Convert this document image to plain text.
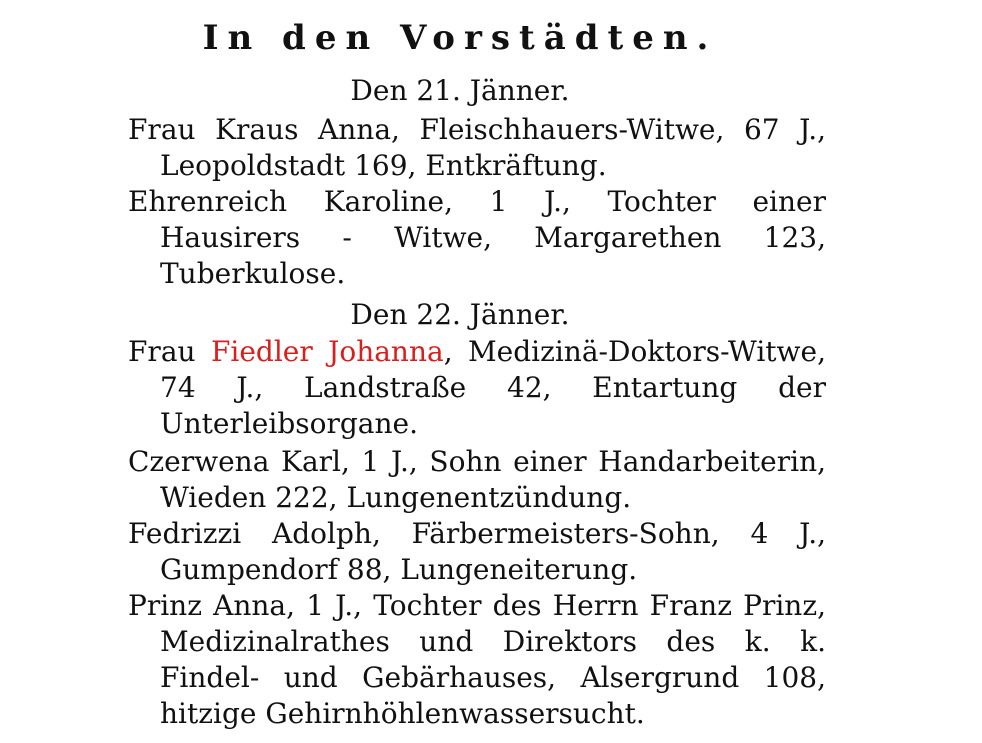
In den Vorstädten.
Den 21. Jänner.
Frau Kraus Anna, Fleischhauers-Witwe, 67 J., Leopoldstadt 169, Entkräftung.
Ehrenreich Karoline, 1 J., Tochter einer Hausirers - Witwe, Margarethen 123, Tuberkulose.
Den 22. Jänner.
Frau Fiedler Johanna, Medizinä-Doktors-Witwe, 74 J., Landstraße 42, Entartung der Unterleibsorgane.
Czerwena Karl, 1 J., Sohn einer Handarbeiterin, Wieden 222, Lungenentzündung.
Fedrizzi Adolph, Färbermeisters-Sohn, 4 J., Gumpendorf 88, Lungeneiterung.
Prinz Anna, 1 J., Tochter des Herrn Franz Prinz, Medizinalrathes und Direktors des k. k. Findel- und Gebärhauses, Alsergrund 108, hitzige Gehirnhöhlenwassersucht.
